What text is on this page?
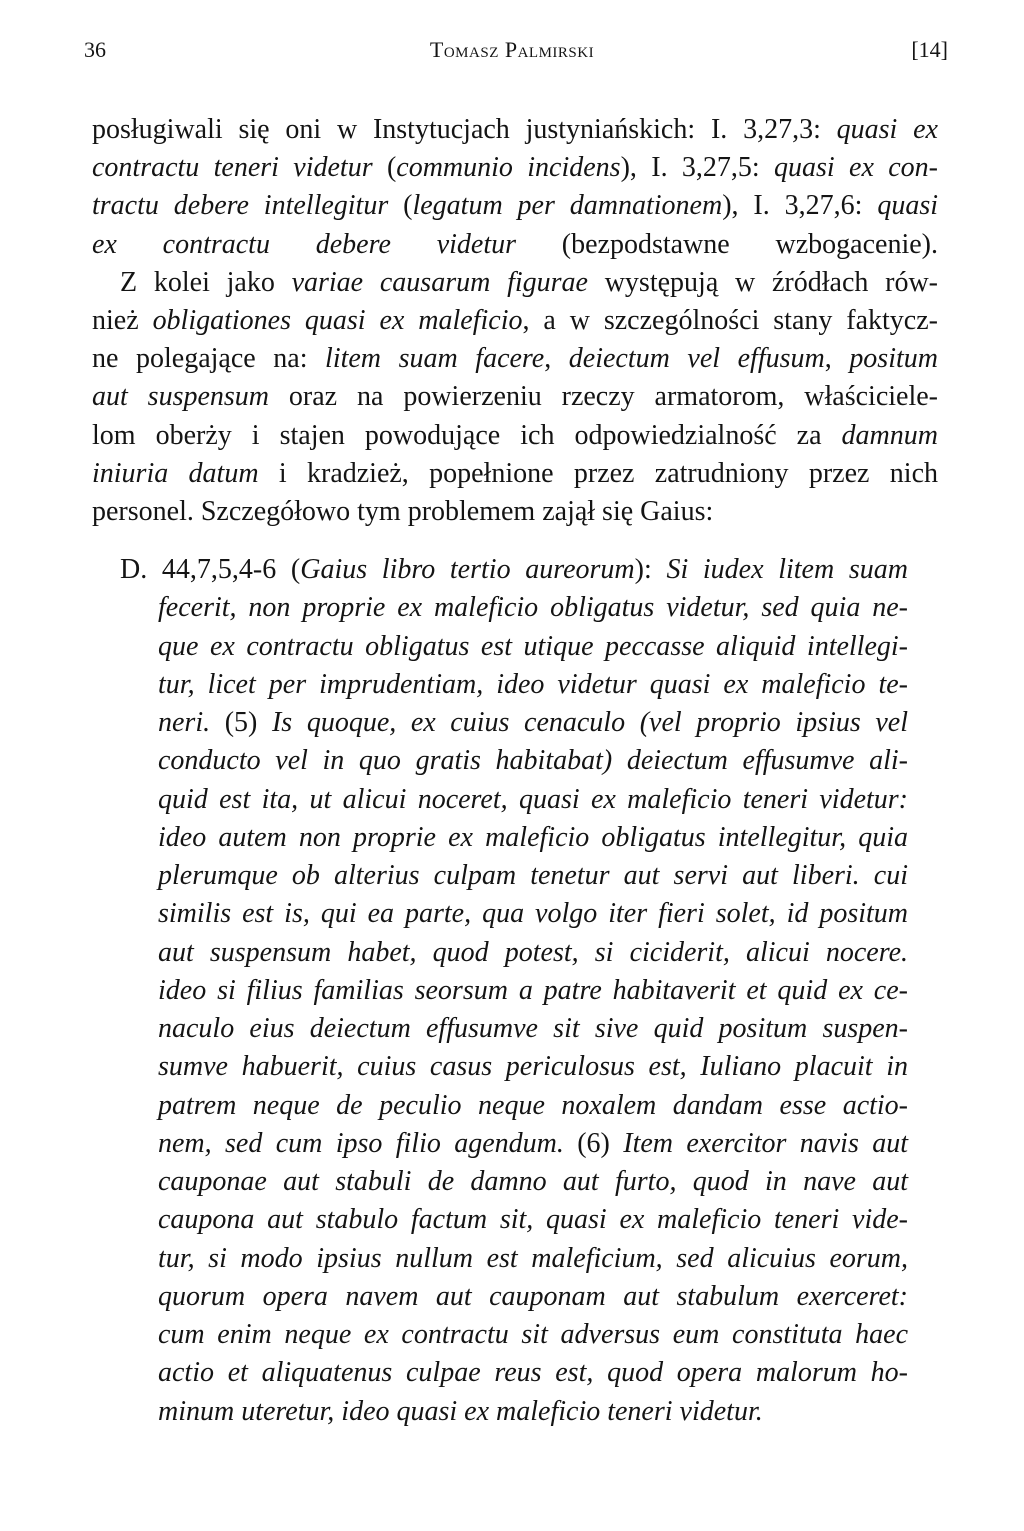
36	Tomasz Palmirski	[14]
posługiwali się oni w Instytucjach justyniańskich: I. 3,27,3: quasi ex
contractu teneri videtur (communio incidens), I. 3,27,5: quasi ex con-
tractu debere intellegitur (legatum per damnationem), I. 3,27,6: quasi
ex contractu debere videtur (bezpodstawne wzbogacenie).
Z kolei jako variae causarum figurae występują w źródłach rów-
nież obligationes quasi ex maleficio, a w szczególności stany faktycz-
ne polegające na: litem suam facere, deiectum vel effusum, positum
aut suspensum oraz na powierzeniu rzeczy armatorom, właściciele-
lom oberży i stajen powodujące ich odpowiedzialność za damnum
iniuria datum i kradzież, popełnione przez zatrudniony przez nich
personel. Szczegółowo tym problemem zajął się Gaius:
D. 44,7,5,4-6 (Gaius libro tertio aureorum): Si iudex litem suam
fecerit, non proprie ex maleficio obligatus videtur, sed quia ne-
que ex contractu obligatus est utique peccasse aliquid intellegi-
tur, licet per imprudentiam, ideo videtur quasi ex maleficio te-
neri. (5) Is quoque, ex cuius cenaculo (vel proprio ipsius vel
conducto vel in quo gratis habitabat) deiectum effusumve ali-
quid est ita, ut alicui noceret, quasi ex maleficio teneri videtur:
ideo autem non proprie ex maleficio obligatus intellegitur, quia
plerumque ob alterius culpam tenetur aut servi aut liberi. cui
similis est is, qui ea parte, qua volgo iter fieri solet, id positum
aut suspensum habet, quod potest, si ciciderit, alicui nocere.
ideo si filius familias seorsum a patre habitaverit et quid ex ce-
naculo eius deiectum effusumve sit sive quid positum suspen-
sumve habuerit, cuius casus periculosus est, Iuliano placuit in
patrem neque de peculio neque noxalem dandam esse actio-
nem, sed cum ipso filio agendum. (6) Item exercitor navis aut
cauponae aut stabuli de damno aut furto, quod in nave aut
caupona aut stabulo factum sit, quasi ex maleficio teneri vide-
tur, si modo ipsius nullum est maleficium, sed alicuius eorum,
quorum opera navem aut cauponam aut stabulum exerceret:
cum enim neque ex contractu sit adversus eum constituta haec
actio et aliquatenus culpae reus est, quod opera malorum ho-
minum uteretur, ideo quasi ex maleficio teneri videtur.
